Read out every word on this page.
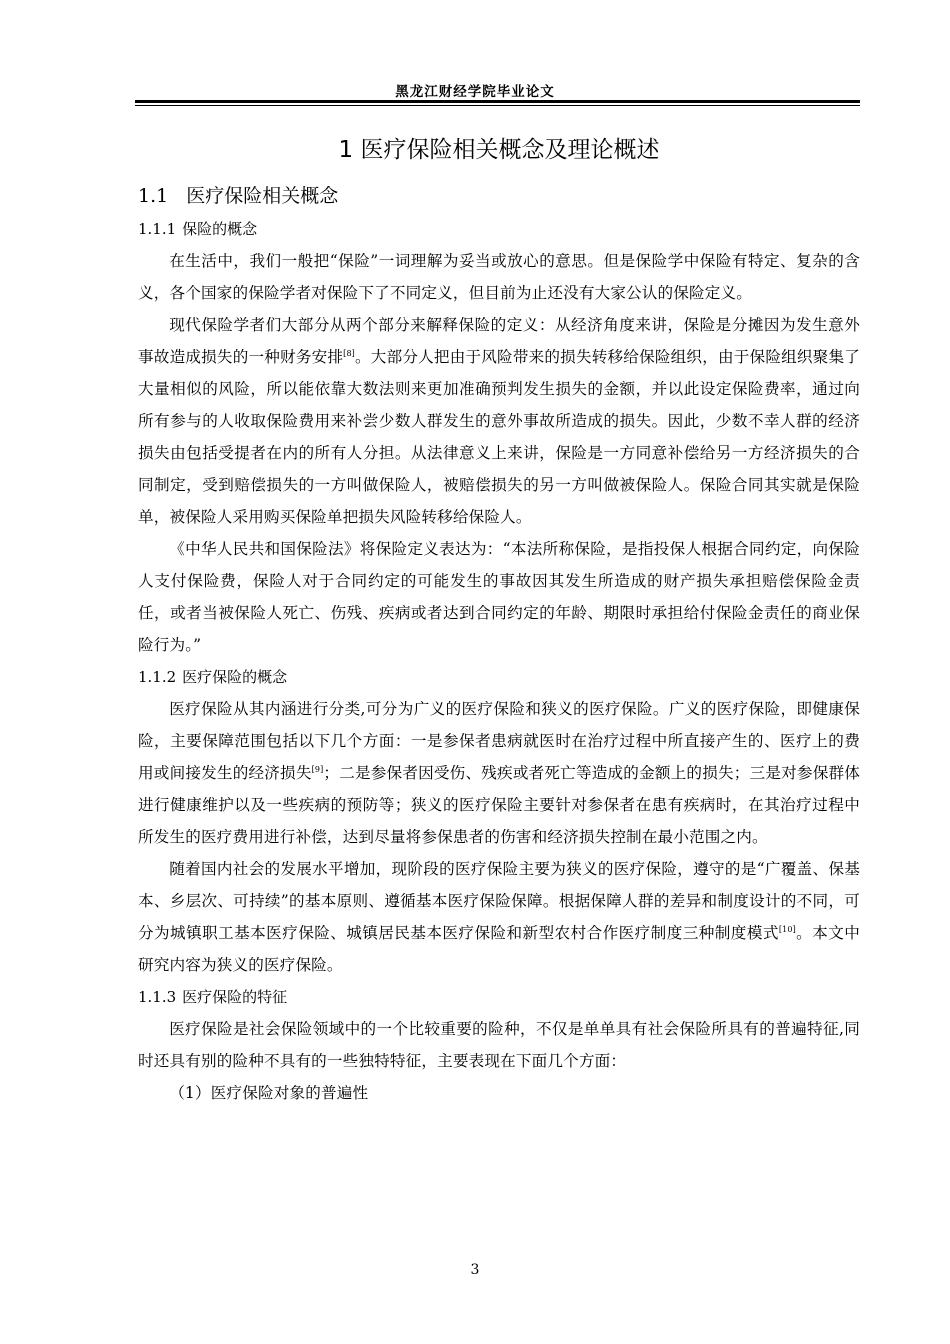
黑龙江财经学院毕业论文
1 医疗保险相关概念及理论概述
1.1 医疗保险相关概念
1.1.1 保险的概念

在生活中，我们一般把“保险”一词理解为妥当或放心的意思。但是保险学中保险有特定、复杂的含义，各个国家的保险学者对保险下了不同定义，但目前为止还没有大家公认的保险定义。

现代保险学者们大部分从两个部分来解释保险的定义：从经济角度来讲，保险是分摊因为发生意外事故造成损失的一种财务安排[8]。大部分人把由于风险带来的损失转移给保险组织，由于保险组织聚集了大量相似的风险，所以能依靠大数法则来更加准确预判发生损失的金额，并以此设定保险费率，通过向所有参与的人收取保险费用来补尝少数人群发生的意外事故所造成的损失。因此，少数不幸人群的经济损失由包括受提者在内的所有人分担。从法律意义上来讲，保险是一方同意补偿给另一方经济损失的合同制定，受到赔偿损失的一方叫做保险人，被赔偿损失的另一方叫做被保险人。保险合同其实就是保险单，被保险人采用购买保险单把损失风险转移给保险人。

《中华人民共和国保险法》将保险定义表达为：“本法所称保险，是指投保人根据合同约定，向保险人支付保险费，保险人对于合同约定的可能发生的事故因其发生所造成的财产损失承担赔偿保险金责任，或者当被保险人死亡、伤残、疾病或者达到合同约定的年龄、期限时承担给付保险金责任的商业保险行为。”

1.1.2 医疗保险的概念

医疗保险从其内涵进行分类,可分为广义的医疗保险和狭义的医疗保险。广义的医疗保险，即健康保险，主要保障范围包括以下几个方面：一是参保者患病就医时在治疗过程中所直接产生的、医疗上的费用或间接发生的经济损失[9]；二是参保者因受伤、残疾或者死亡等造成的金额上的损失；三是对参保群体进行健康维护以及一些疾病的预防等；狭义的医疗保险主要针对参保者在患有疾病时，在其治疗过程中所发生的医疗费用进行补偿，达到尽量将参保患者的伤害和经济损失控制在最小范围之内。

随着国内社会的发展水平增加，现阶段的医疗保险主要为狭义的医疗保险，遵守的是“广覆盖、保基本、乡层次、可持续”的基本原则、遵循基本医疗保险保障。根据保障人群的差异和制度设计的不同，可分为城镇职工基本医疗保险、城镇居民基本医疗保险和新型农村合作医疗制度三种制度模式[10]。本文中研究内容为狭义的医疗保险。

1.1.3 医疗保险的特征

医疗保险是社会保险领域中的一个比较重要的险种，不仅是单单具有社会保险所具有的普遍特征,同时还具有别的险种不具有的一些独特特征，主要表现在下面几个方面：

（1）医疗保险对象的普遍性

3
